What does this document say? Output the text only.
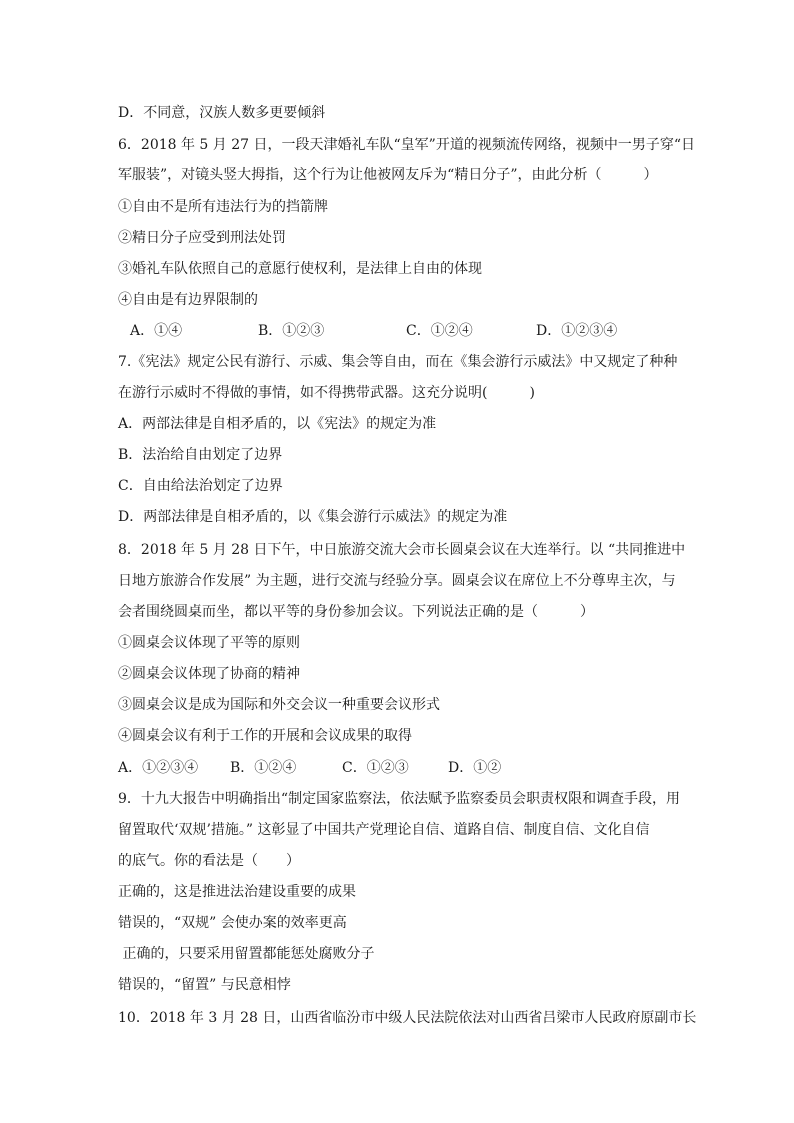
D．不同意，汉族人数多更要倾斜
6．2018 年 5 月 27 日，一段天津婚礼车队“皇军”开道的视频流传网络，视频中一男子穿“日
军服装”，对镜头竖大拇指，这个行为让他被网友斥为“精日分子”，由此分析（　　　）
①自由不是所有违法行为的挡箭牌
②精日分子应受到刑法处罚
③婚礼车队依照自己的意愿行使权利，是法律上自由的体现
④自由是有边界限制的
A．①④	B．①②③	C．①②④	D．①②③④
7.《宪法》规定公民有游行、示威、集会等自由，而在《集会游行示威法》中又规定了种种
在游行示威时不得做的事情，如不得携带武器。这充分说明(　　　)
A．两部法律是自相矛盾的，以《宪法》的规定为准
B．法治给自由划定了边界
C．自由给法治划定了边界
D．两部法律是自相矛盾的，以《集会游行示威法》的规定为准
8．2018 年 5 月 28 日下午，中日旅游交流大会市长圆桌会议在大连举行。以 “共同推进中
日地方旅游合作发展” 为主题，进行交流与经验分享。圆桌会议在席位上不分尊卑主次，与
会者围绕圆桌而坐，都以平等的身份参加会议。下列说法正确的是（　　　）
①圆桌会议体现了平等的原则
②圆桌会议体现了协商的精神
③圆桌会议是成为国际和外交会议一种重要会议形式
④圆桌会议有利于工作的开展和会议成果的取得
A．①②③④ B．①②④	C．①②③	D．①②
9．十九大报告中明确指出“制定国家监察法，依法赋予监察委员会职责权限和调查手段，用
留置取代‘双规’措施。” 这彰显了中国共产党理论自信、道路自信、制度自信、文化自信
的底气。你的看法是（　　）
正确的，这是推进法治建设重要的成果
错误的，“双规” 会使办案的效率更高
正确的，只要采用留置都能惩处腐败分子
错误的，“留置” 与民意相悖
10．2018 年 3 月 28 日，山西省临汾市中级人民法院依法对山西省吕梁市人民政府原副市长
